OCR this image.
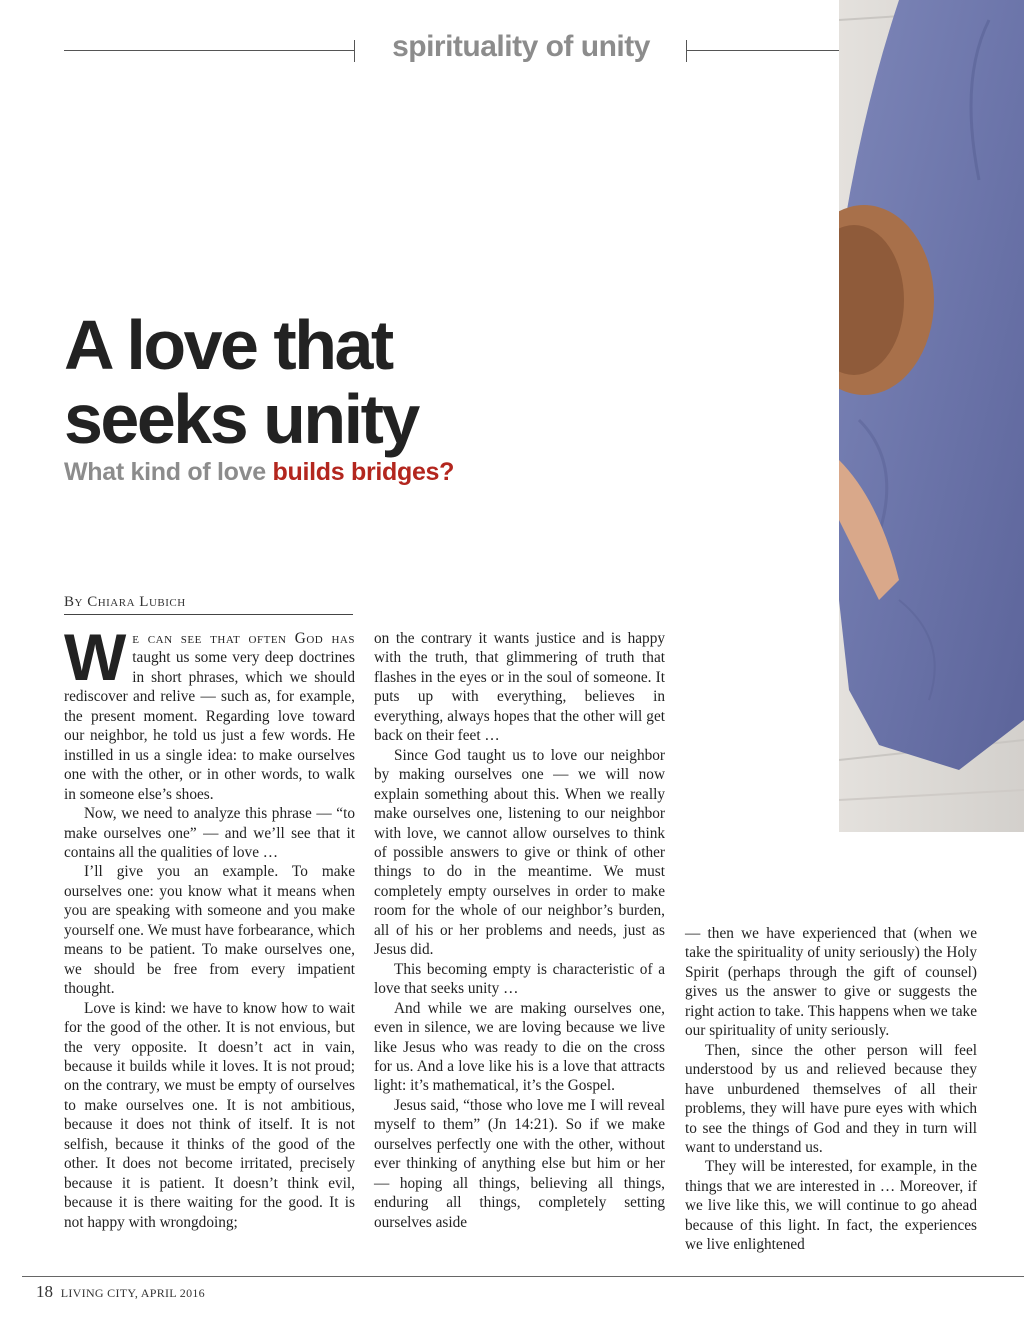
spirituality of unity
A love that
seeks unity
What kind of love builds bridges?
By Chiara Lubich

We can see that often God has taught us some very deep doctrines in short phrases, which we should rediscover and relive — such as, for example, the present moment. Regarding love toward our neighbor, he told us just a few words. He instilled in us a single idea: to make ourselves one with the other, or in other words, to walk in someone else’s shoes.

Now, we need to analyze this phrase — “to make ourselves one” — and we’ll see that it contains all the qualities of love …

I’ll give you an example. To make ourselves one: you know what it means when you are speaking with someone and you make yourself one. We must have forbearance, which means to be patient. To make ourselves one, we should be free from every impatient thought.

Love is kind: we have to know how to wait for the good of the other. It is not envious, but the very opposite. It doesn’t act in vain, because it builds while it loves. It is not proud; on the contrary, we must be empty of ourselves to make ourselves one. It is not ambitious, because it does not think of itself. It is not selfish, because it thinks of the good of the other. It does not become irritated, precisely because it is patient. It doesn’t think evil, because it is there waiting for the good. It is not happy with wrongdoing;

on the contrary it wants justice and is happy with the truth, that glimmering of truth that flashes in the eyes or in the soul of someone. It puts up with everything, believes in everything, always hopes that the other will get back on their feet …

Since God taught us to love our neighbor by making ourselves one — we will now explain something about this. When we really make ourselves one, listening to our neighbor with love, we cannot allow ourselves to think of possible answers to give or think of other things to do in the meantime. We must completely empty ourselves in order to make room for the whole of our neighbor’s burden, all of his or her problems and needs, just as Jesus did.

This becoming empty is characteristic of a love that seeks unity …

And while we are making ourselves one, even in silence, we are loving because we live like Jesus who was ready to die on the cross for us. And a love like his is a love that attracts light: it’s mathematical, it’s the Gospel.

Jesus said, “those who love me I will reveal myself to them” (Jn 14:21). So if we make ourselves perfectly one with the other, without ever thinking of anything else but him or her — hoping all things, believing all things, enduring all things, completely setting ourselves aside

— then we have experienced that (when we take the spirituality of unity seriously) the Holy Spirit (perhaps through the gift of counsel) gives us the answer to give or suggests the right action to take. This happens when we take our spirituality of unity seriously.

Then, since the other person will feel understood by us and relieved because they have unburdened themselves of all their problems, they will have pure eyes with which to see the things of God and they in turn will want to understand us.

They will be interested, for example, in the things that we are interested in … Moreover, if we live like this, we will continue to go ahead because of this light. In fact, the experiences we live enlightened

18 LIVING CITY, APRIL 2016
